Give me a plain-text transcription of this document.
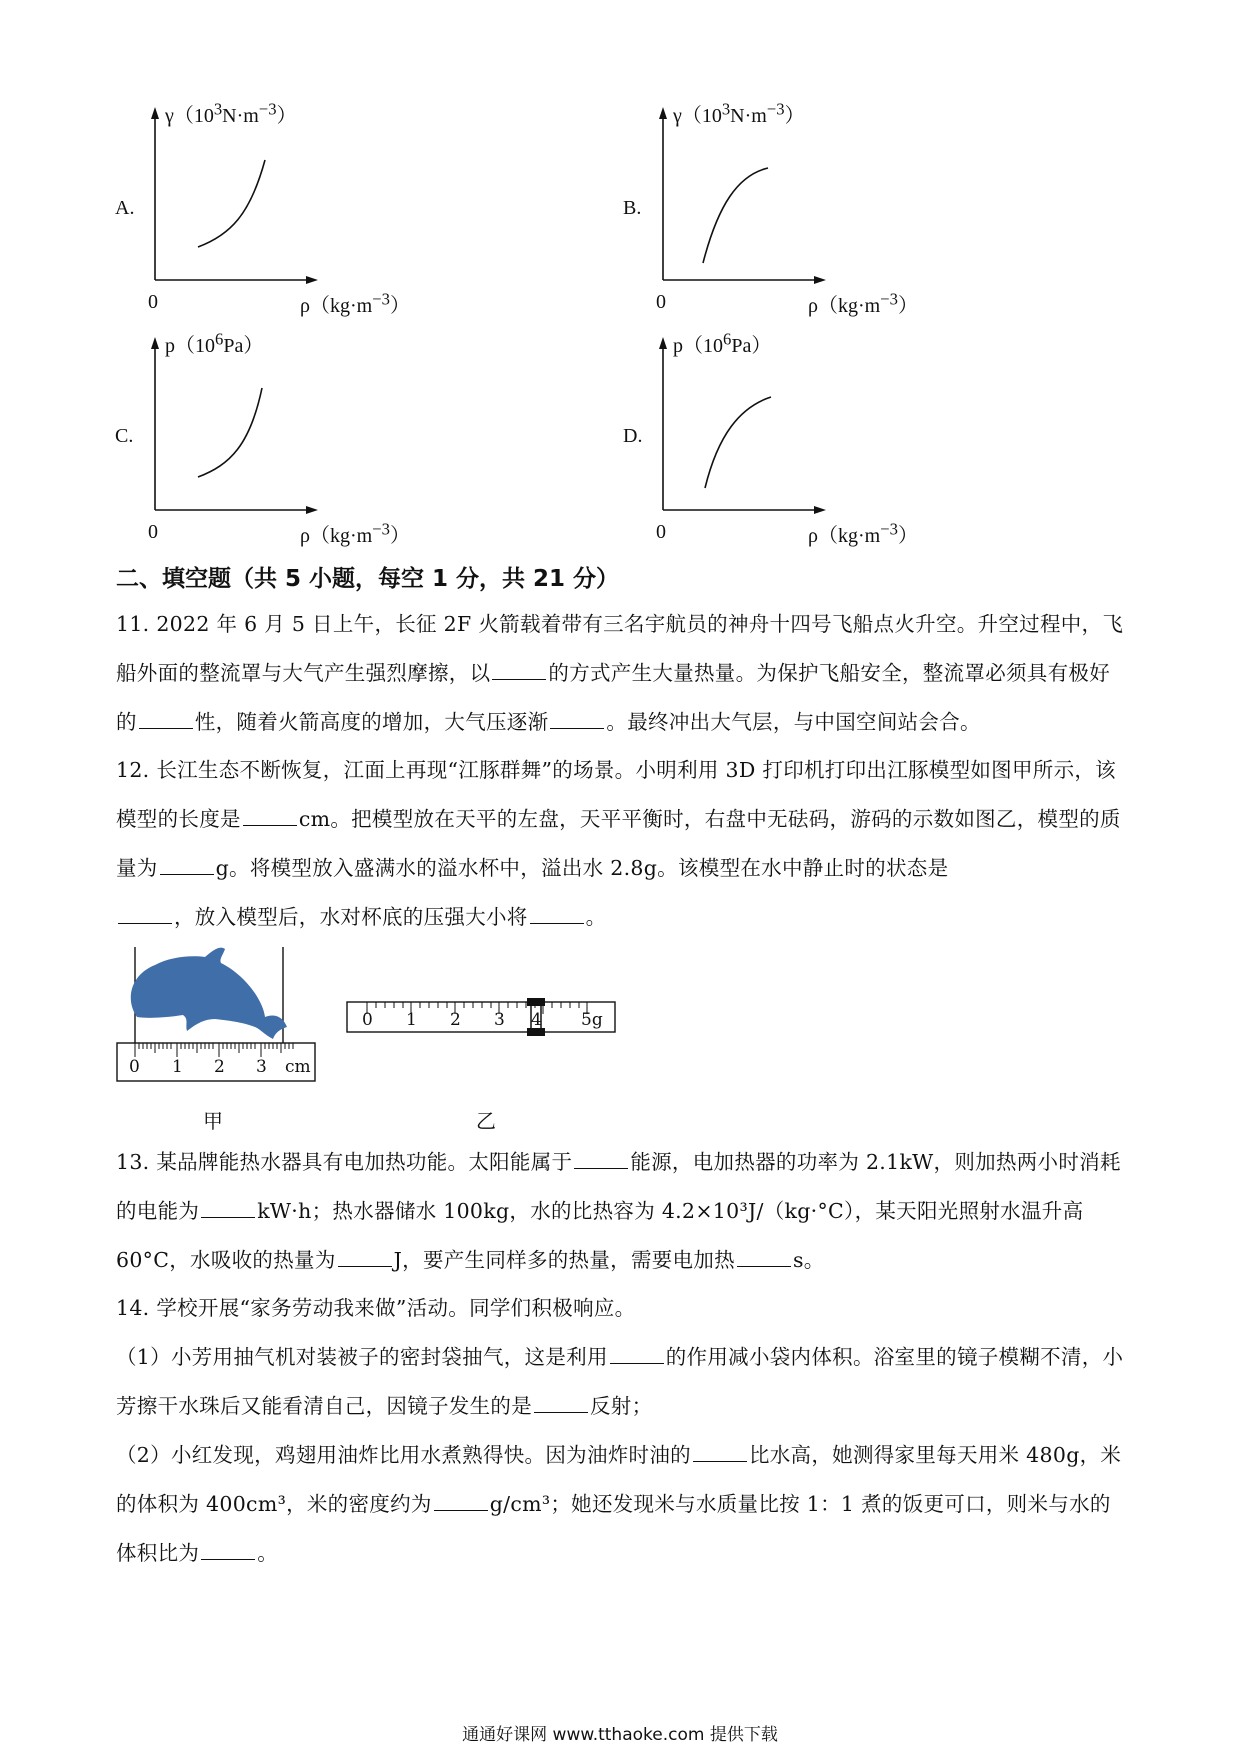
A.
$\gamma(10^3N\cdot m^{-3})$
0	$\rho(kg\cdot m^{-3})$
B.
$\gamma(10^3N\cdot m^{-3})$
0	$\rho(kg\cdot m^{-3})$
C.
$p(10^6Pa)$
0	$\rho(kg\cdot m^{-3})$
D.
$p(10^6Pa)$
0	$\rho(kg\cdot m^{-3})$
二、填空题（共 5 小题，每空 1 分，共 21 分）
11. 2022 年 6 月 5 日上午，长征 2F 火箭载着带有三名宇航员的神舟十四号飞船点火升空。升空过程中，飞船外面的整流罩与大气产生强烈摩擦，以	的方式产生大量热量。为保护飞船安全，整流罩必须具有极好的	性，随着火箭高度的增加，大气压逐渐	。最终冲出大气层，与中国空间站会合。
12. 长江生态不断恢复，江面上再现“江豚群舞”的场景。小明利用 3D 打印机打印出江豚模型如图甲所示，该模型的长度是	cm。把模型放在天平的左盘，天平平衡时，右盘中无砝码，游码的示数如图乙，模型的质量为	g。将模型放入盛满水的溢水杯中，溢出水 2.8g。该模型在水中静止时的状态是
，放入模型后，水对杯底的压强大小将	。
0 1 2 3 cm
甲
0 1 2 3 4 5g
乙
13. 某品牌能热水器具有电加热功能。太阳能属于	能源，电加热器的功率为 2.1kW，则加热两小时消耗的电能为	kW·h；热水器储水 100kg，水的比热容为 4.2×10³J/（kg·°C），某天阳光照射水温升高 60°C，水吸收的热量为	J，要产生同样多的热量，需要电加热	s。
14. 学校开展“家务劳动我来做”活动。同学们积极响应。
（1）小芳用抽气机对装被子的密封袋抽气，这是利用	的作用减小袋内体积。浴室里的镜子模糊不清，小芳擦干水珠后又能看清自己，因镜子发生的是	反射；
（2）小红发现，鸡翅用油炸比用水煮熟得快。因为油炸时油的	比水高，她测得家里每天用米 480g，米的体积为 400cm³，米的密度约为	g/cm³；她还发现米与水质量比按 1：1 煮的饭更可口，则米与水的体积比为	。
通通好课网 www.tthaoke.com 提供下载
